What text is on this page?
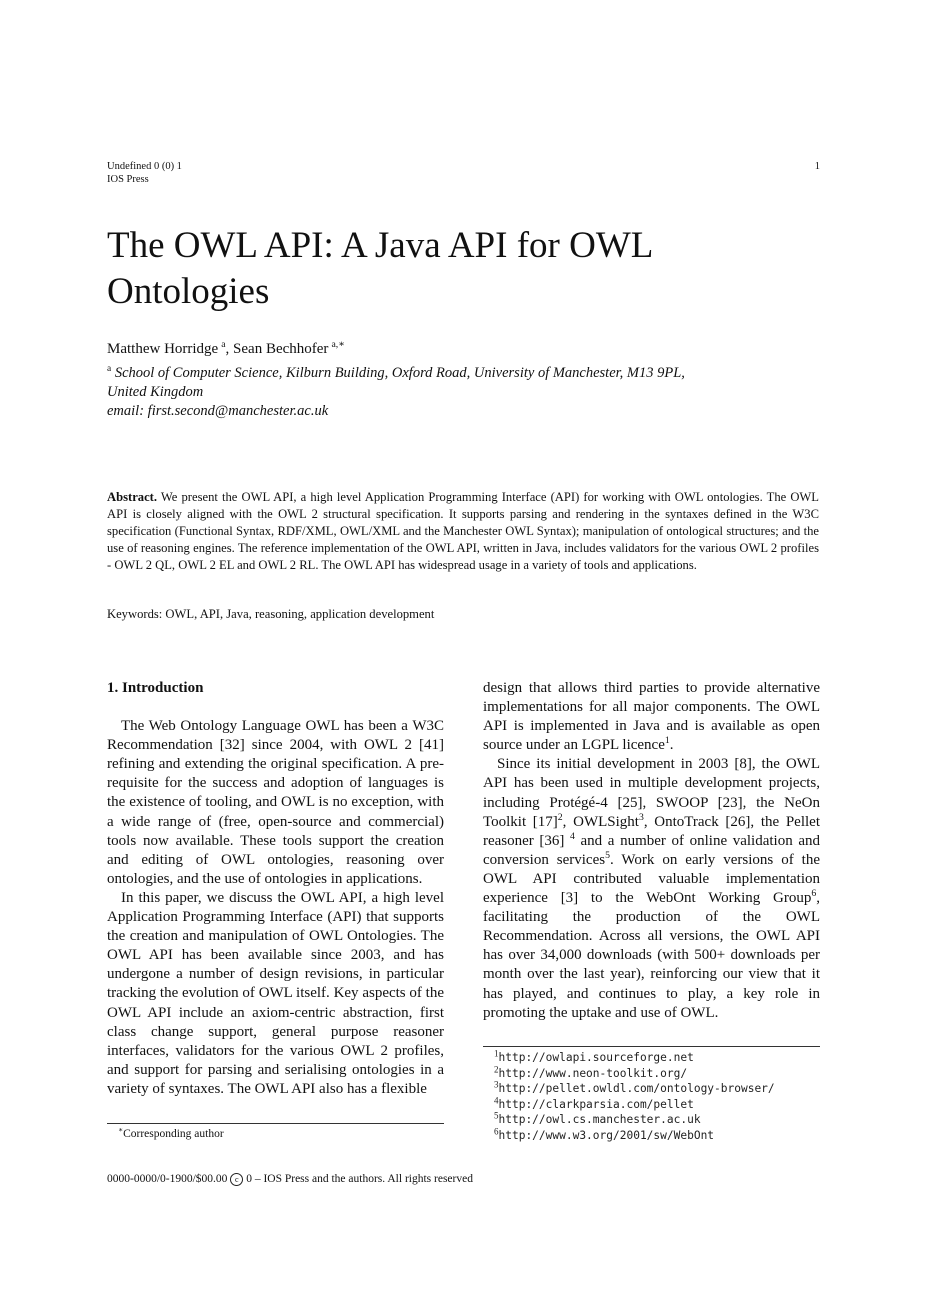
Undefined 0 (0) 1
IOS Press
1
The OWL API: A Java API for OWL
Ontologies
Matthew Horridge $^a$, Sean Bechhofer $^{a,∗}$
$^a$ School of Computer Science, Kilburn Building, Oxford Road, University of Manchester, M13 9PL,
United Kingdom
email: first.second@manchester.ac.uk
Abstract. We present the OWL API, a high level Application Programming Interface (API) for working with OWL ontologies. The OWL API is closely aligned with the OWL 2 structural specification. It supports parsing and rendering in the syntaxes defined in the W3C specification (Functional Syntax, RDF/XML, OWL/XML and the Manchester OWL Syntax); manipulation of ontological structures; and the use of reasoning engines. The reference implementation of the OWL API, written in Java, includes validators for the various OWL 2 profiles - OWL 2 QL, OWL 2 EL and OWL 2 RL. The OWL API has widespread usage in a variety of tools and applications.
Keywords: OWL, API, Java, reasoning, application development
1. Introduction

The Web Ontology Language OWL has been a W3C Recommendation [32] since 2004, with OWL 2 [41] refining and extending the original specification. A pre-requisite for the success and adoption of languages is the existence of tooling, and OWL is no exception, with a wide range of (free, open-source and commercial) tools now available. These tools support the creation and editing of OWL ontologies, reasoning over ontologies, and the use of ontologies in applications.

In this paper, we discuss the OWL API, a high level Application Programming Interface (API) that supports the creation and manipulation of OWL Ontologies. The OWL API has been available since 2003, and has undergone a number of design revisions, in particular tracking the evolution of OWL itself. Key aspects of the OWL API include an axiom-centric abstraction, first class change support, general purpose reasoner interfaces, validators for the various OWL 2 profiles, and support for parsing and serialising ontologies in a variety of syntaxes. The OWL API also has a flexible

∗Corresponding author

design that allows third parties to provide alternative implementations for all major components. The OWL API is implemented in Java and is available as open source under an LGPL licence$^1$.

Since its initial development in 2003 [8], the OWL API has been used in multiple development projects, including Protégé-4 [25], SWOOP [23], the NeOn Toolkit $[17]^2$, OWLSight$^3$, OntoTrack [26], the Pellet reasoner [36] $^4$ and a number of online validation and conversion services$^5$. Work on early versions of the OWL API contributed valuable implementation experience [3] to the WebOnt Working Group$^6$, facilitating the production of the OWL Recommendation. Across all versions, the OWL API has over 34,000 downloads (with 500+ downloads per month over the last year), reinforcing our view that it has played, and continues to play, a key role in promoting the uptake and use of OWL.

$^1$http://owlapi.sourceforge.net
$^2$http://www.neon-toolkit.org/
$^3$http://pellet.owldl.com/ontology-browser/
$^4$http://clarkparsia.com/pellet
$^5$http://owl.cs.manchester.ac.uk
$^6$http://www.w3.org/2001/sw/WebOnt
0000-0000/0-1900/$00.00 c 0 – IOS Press and the authors. All rights reserved
